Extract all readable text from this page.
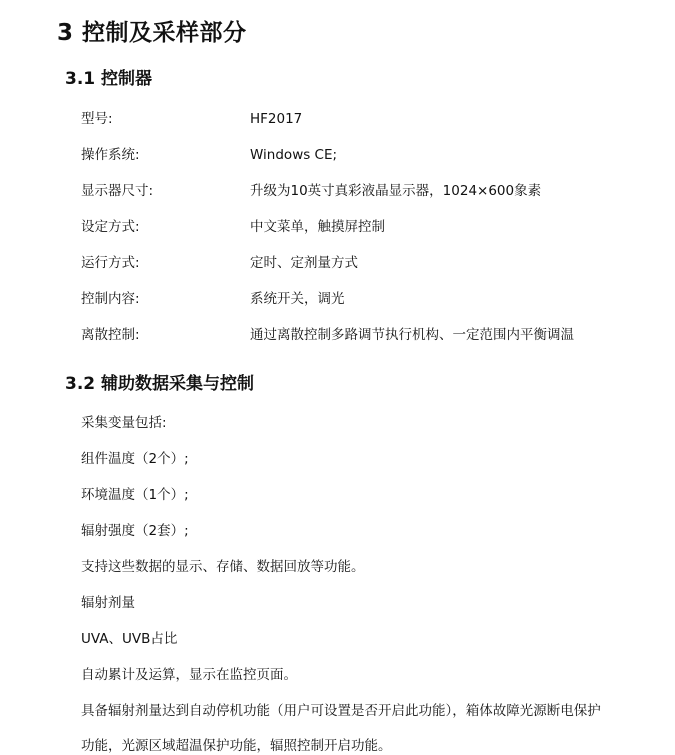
3 控制及采样部分
3.1 控制器
型号:	HF2017
操作系统:	Windows CE;
显示器尺寸:	升级为10英寸真彩液晶显示器，1024×600象素
设定方式:	中文菜单，触摸屏控制
运行方式:	定时、定剂量方式
控制内容:	系统开关，调光
离散控制:	通过离散控制多路调节执行机构、一定范围内平衡调温
3.2 辅助数据采集与控制
采集变量包括:
组件温度（2个）;
环境温度（1个）;
辐射强度（2套）;
支持这些数据的显示、存储、数据回放等功能。
辐射剂量
UVA、UVB占比
自动累计及运算，显示在监控页面。
具备辐射剂量达到自动停机功能（用户可设置是否开启此功能），箱体故障光源断电保护
功能，光源区域超温保护功能，辐照控制开启功能。
